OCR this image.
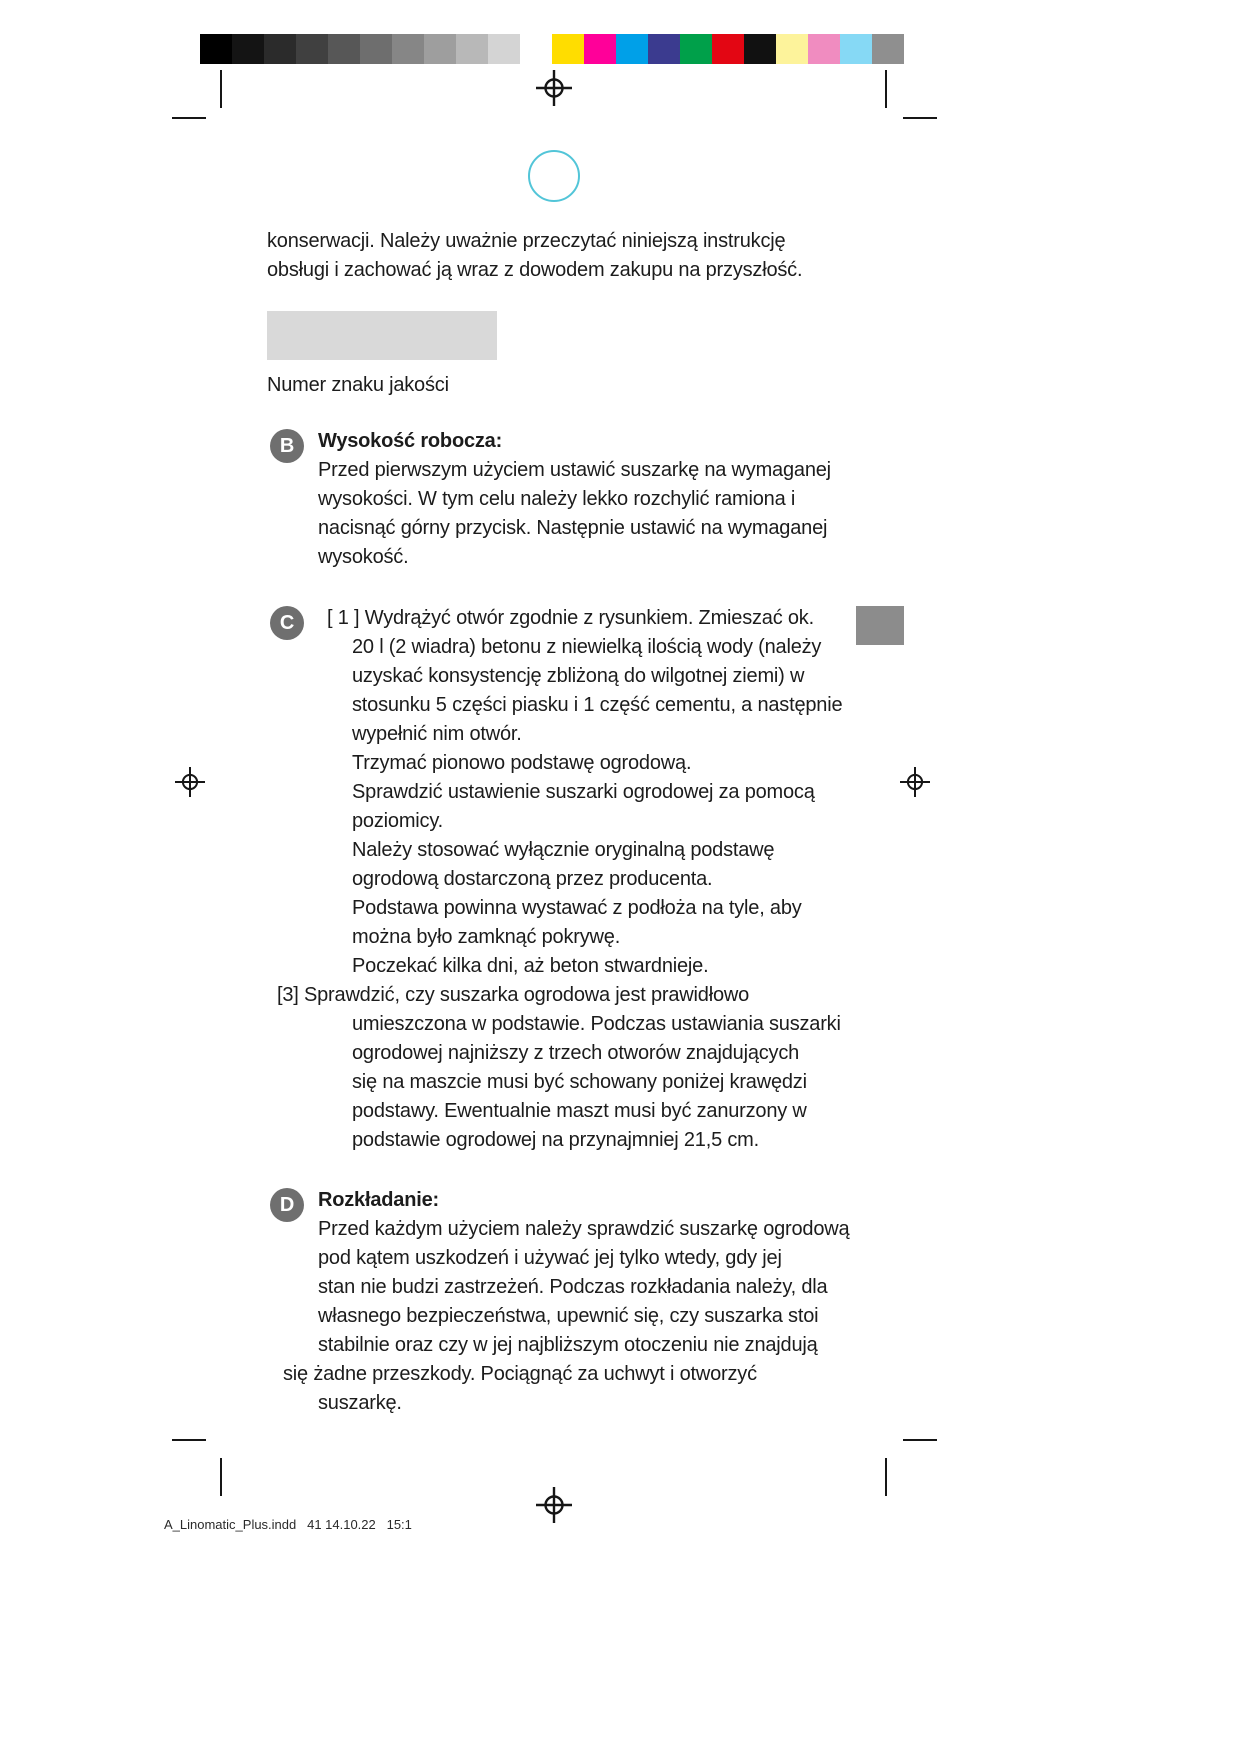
konserwacji. Należy uważnie przeczytać niniejszą instrukcję
obsługi i zachować ją wraz z dowodem zakupu na przyszłość.
Numer znaku jakości
B	Wysokość robocza:
Przed pierwszym użyciem ustawić suszarkę na wymaganej
wysokości. W tym celu należy lekko rozchylić ramiona i
nacisnąć górny przycisk. Następnie ustawić na wymaganej
wysokość.
C	[ 1 ] Wydrążyć otwór zgodnie z rysunkiem. Zmieszać ok.
20 l (2 wiadra) betonu z niewielką ilością wody (należy
uzyskać konsystencję zbliżoną do wilgotnej ziemi) w
stosunku 5 części piasku i 1 część cementu, a następnie
wypełnić nim otwór.
Trzymać pionowo podstawę ogrodową.
Sprawdzić ustawienie suszarki ogrodowej za pomocą
poziomicy.
Należy stosować wyłącznie oryginalną podstawę
ogrodową dostarczoną przez producenta.
Podstawa powinna wystawać z podłoża na tyle, aby
można było zamknąć pokrywę.
Poczekać kilka dni, aż beton stwardnieje.
[3] Sprawdzić, czy suszarka ogrodowa jest prawidłowo
umieszczona w podstawie. Podczas ustawiania suszarki
ogrodowej najniższy z trzech otworów znajdujących
się na maszcie musi być schowany poniżej krawędzi
podstawy. Ewentualnie maszt musi być zanurzony w
podstawie ogrodowej na przynajmniej 21,5 cm.
D	Rozkładanie:
Przed każdym użyciem należy sprawdzić suszarkę ogrodową
pod kątem uszkodzeń i używać jej tylko wtedy, gdy jej
stan nie budzi zastrzeżeń. Podczas rozkładania należy, dla
własnego bezpieczeństwa, upewnić się, czy suszarka stoi
stabilnie oraz czy w jej najbliższym otoczeniu nie znajdują
się żadne przeszkody. Pociągnąć za uchwyt i otworzyć
suszarkę.
A_Linomatic_Plus.indd   41 14.10.22   15:1
